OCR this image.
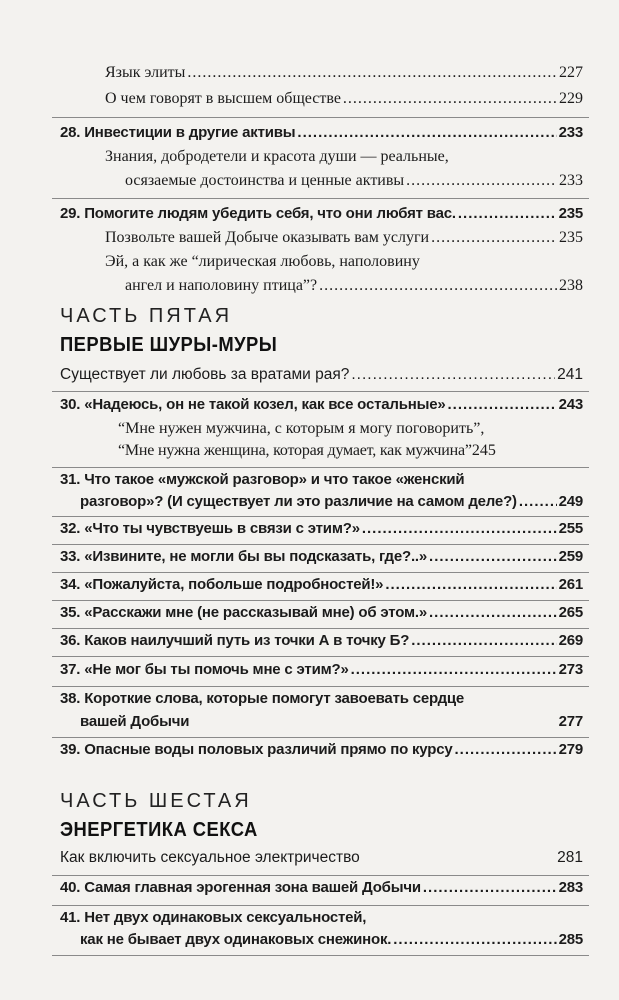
Язык элиты .....	227
О чем говорят в высшем обществе .....	229
28. Инвестиции в другие активы .....	233
Знания, добродетели и красота души — реальные,
осязаемые достоинства и ценные активы .....	233
29. Помогите людям убедить себя, что они любят вас. .....	235
Позвольте вашей Добыче оказывать вам услуги .....	235
Эй, а как же “лирическая любовь, наполовину
ангел и наполовину птица”? .....	238
ЧАСТЬ ПЯТАЯ
ПЕРВЫЕ ШУРЫ-МУРЫ
Существует ли любовь за вратами рая? .....	241
30. «Надеюсь, он не такой козел, как все остальные» .....	243
“Мне нужен мужчина, с которым я могу поговорить”,
“Мне нужна женщина, которая думает, как мужчина” 245
31. Что такое «мужской разговор» и что такое «женский
разговор»? (И существует ли это различие на самом деле?) .....	249
32. «Что ты чувствуешь в связи с этим?» .....	255
33. «Извините, не могли бы вы подсказать, где?..» .....	259
34. «Пожалуйста, побольше подробностей!» .....	261
35. «Расскажи мне (не рассказывай мне) об этом.» .....	265
36. Каков наилучший путь из точки А в точку Б? .....	269
37. «Не мог бы ты помочь мне с этим?» .....	273
38. Короткие слова, которые помогут завоевать сердце
вашей Добычи	277
39. Опасные воды половых различий прямо по курсу .....	279
ЧАСТЬ ШЕСТАЯ
ЭНЕРГЕТИКА СЕКСА
Как включить сексуальное электричество	281
40. Самая главная эрогенная зона вашей Добычи .....	283
41. Нет двух одинаковых сексуальностей,
как не бывает двух одинаковых снежинок. .....	285
